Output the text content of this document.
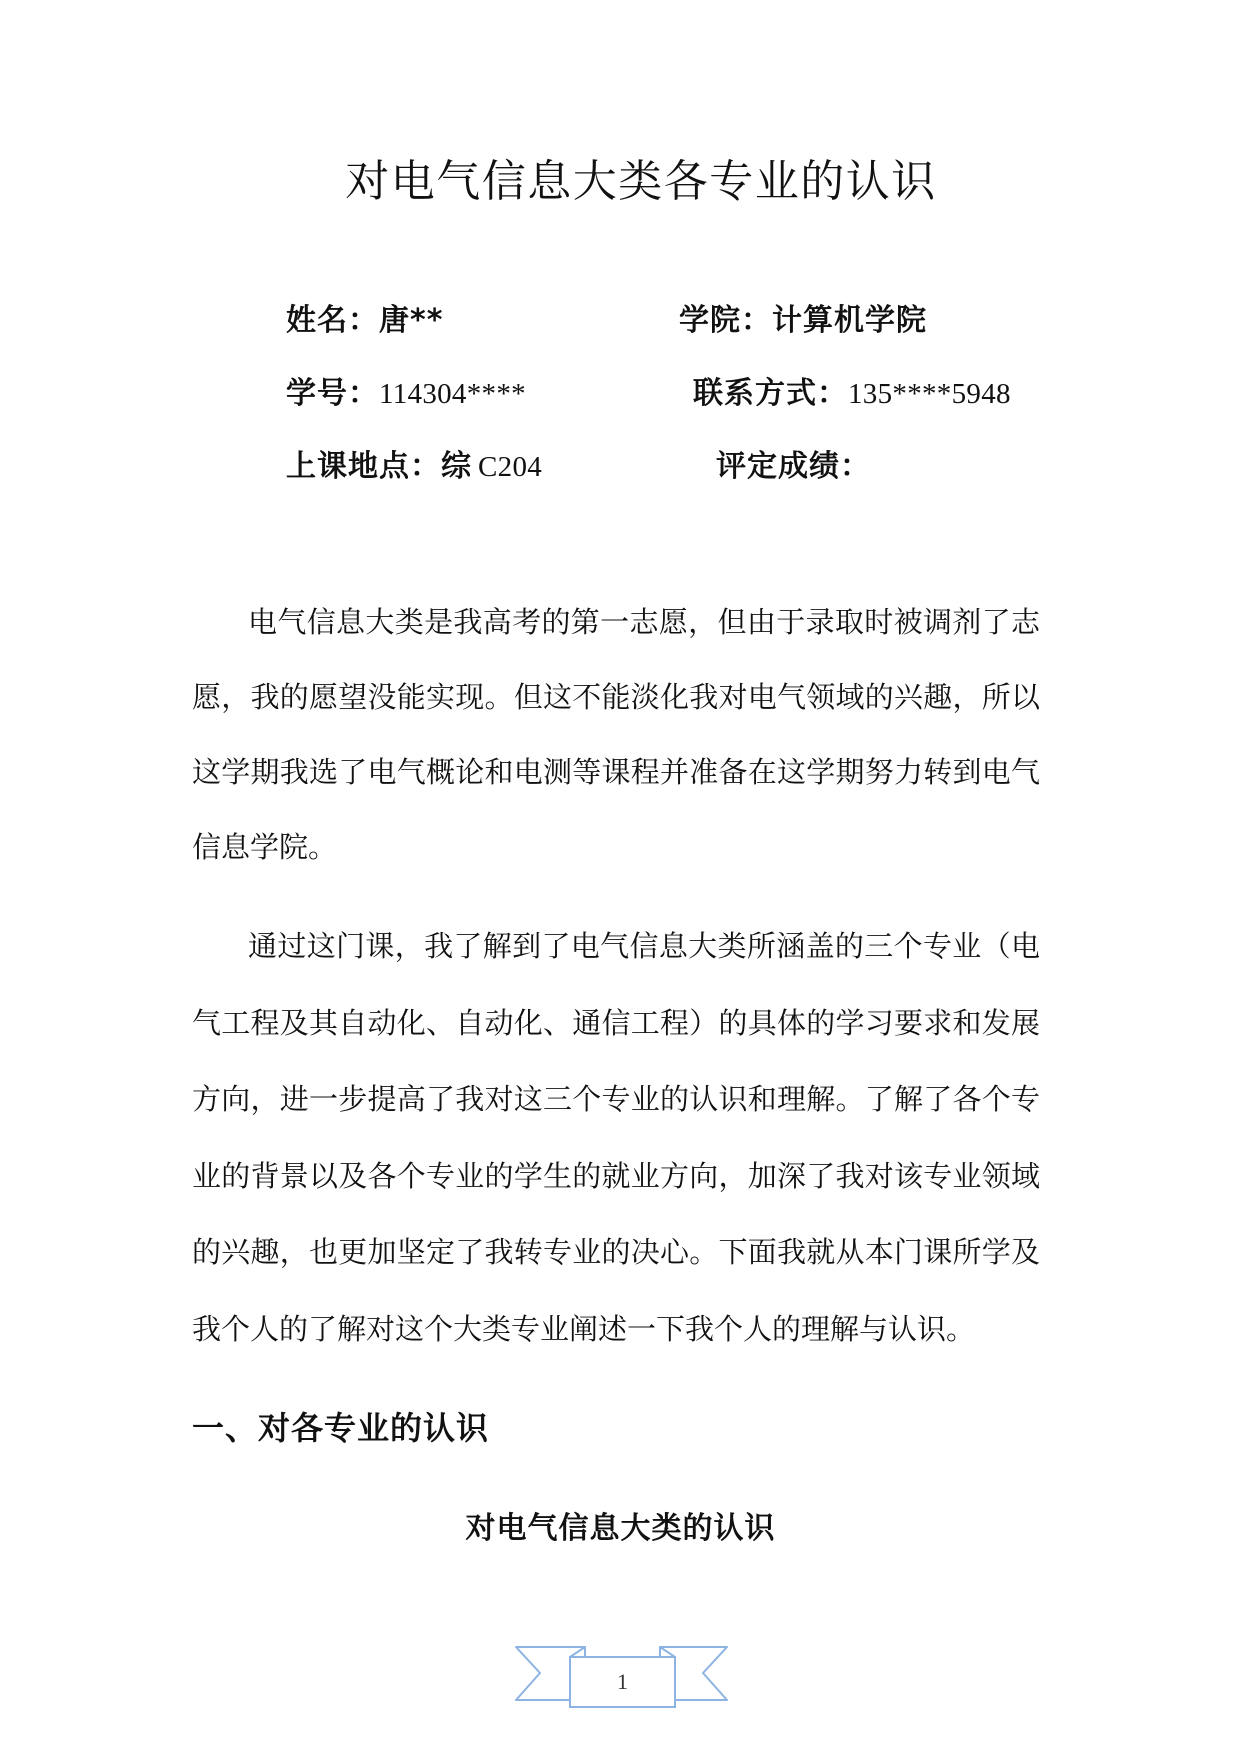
对电气信息大类各专业的认识
姓名：唐**	学院：计算机学院
学号：114304****	联系方式：135****5948
上课地点：综 C204	评定成绩：
电气信息大类是我高考的第一志愿，但由于录取时被调剂了志
愿，我的愿望没能实现。但这不能淡化我对电气领域的兴趣，所以
这学期我选了电气概论和电测等课程并准备在这学期努力转到电气
信息学院。
通过这门课，我了解到了电气信息大类所涵盖的三个专业（电
气工程及其自动化、自动化、通信工程）的具体的学习要求和发展
方向，进一步提高了我对这三个专业的认识和理解。了解了各个专
业的背景以及各个专业的学生的就业方向，加深了我对该专业领域
的兴趣，也更加坚定了我转专业的决心。下面我就从本门课所学及
我个人的了解对这个大类专业阐述一下我个人的理解与认识。
一、对各专业的认识
对电气信息大类的认识
1
